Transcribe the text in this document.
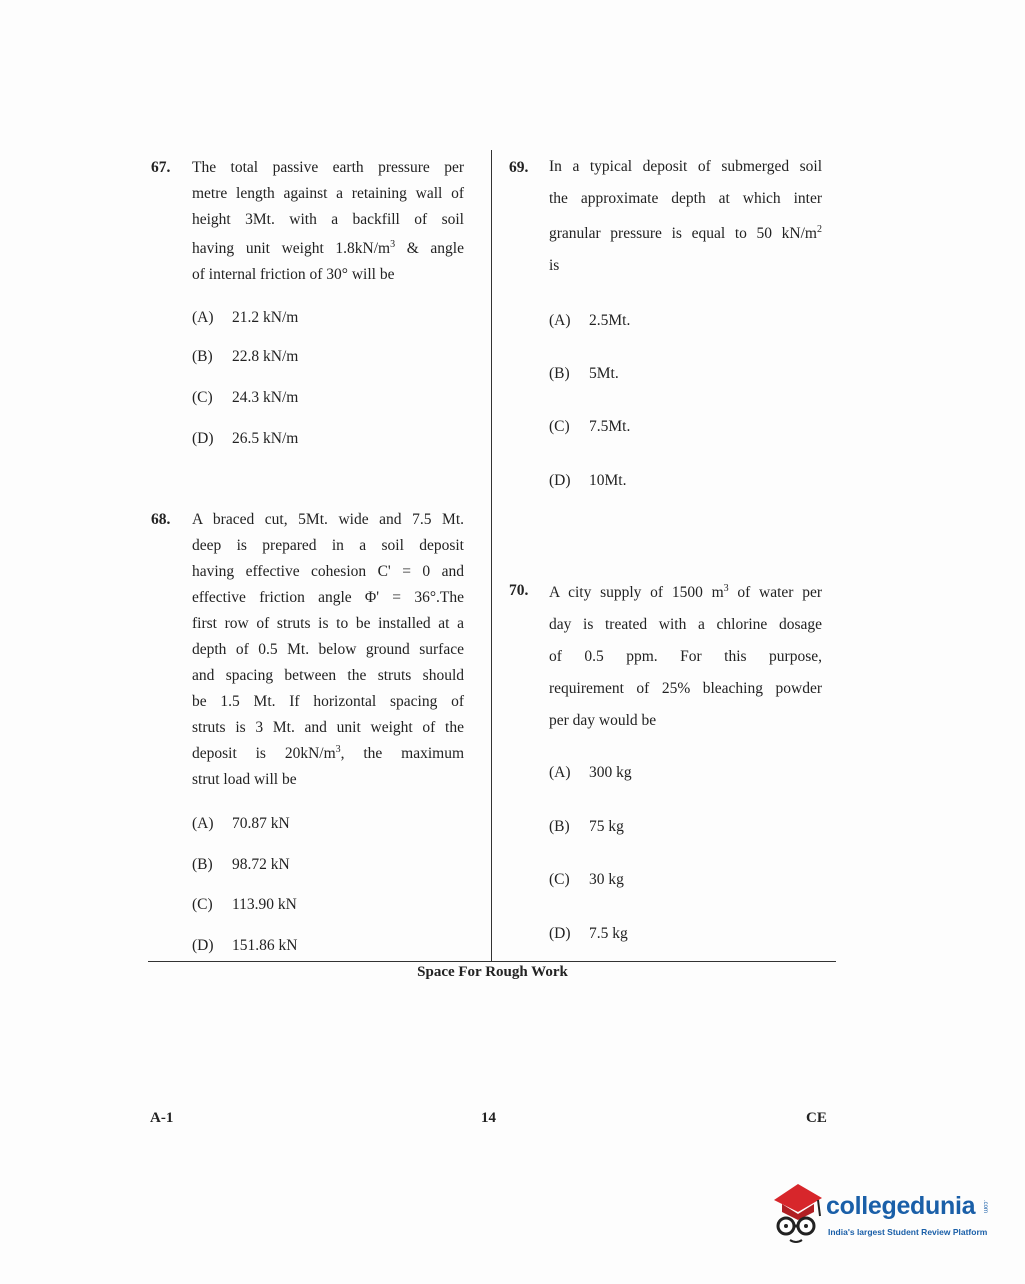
67. The total passive earth pressure per
metre length against a retaining wall of
height 3Mt. with a backfill of soil
having unit weight $1.8kN/m^3$ & angle
of internal friction of 30° will be
(A) 21.2 kN/m
(B) 22.8 kN/m
(C) 24.3 kN/m
(D) 26.5 kN/m
68. A braced cut, 5Mt. wide and 7.5 Mt.
deep is prepared in a soil deposit
having effective cohesion C' = 0 and
effective friction angle Φ' = 36°.The
first row of struts is to be installed at a
depth of 0.5 Mt. below ground surface
and spacing between the struts should
be 1.5 Mt. If horizontal spacing of
struts is 3 Mt. and unit weight of the
deposit is $20kN/m^3$, the maximum
strut load will be
(A) 70.87 kN
(B) 98.72 kN
(C) 113.90 kN
(D) 151.86 kN
69. In a typical deposit of submerged soil
the approximate depth at which inter
granular pressure is equal to 50 $kN/m^2$
is
(A) 2.5Mt.
(B) 5Mt.
(C) 7.5Mt.
(D) 10Mt.
70. A city supply of 1500 $m^3$ of water per
day is treated with a chlorine dosage
of 0.5 ppm. For this purpose,
requirement of 25% bleaching powder
per day would be
(A) 300 kg
(B) 75 kg
(C) 30 kg
(D) 7.5 kg
Space For Rough Work
A-1	14	CE
collegedunia .com
India's largest Student Review Platform
